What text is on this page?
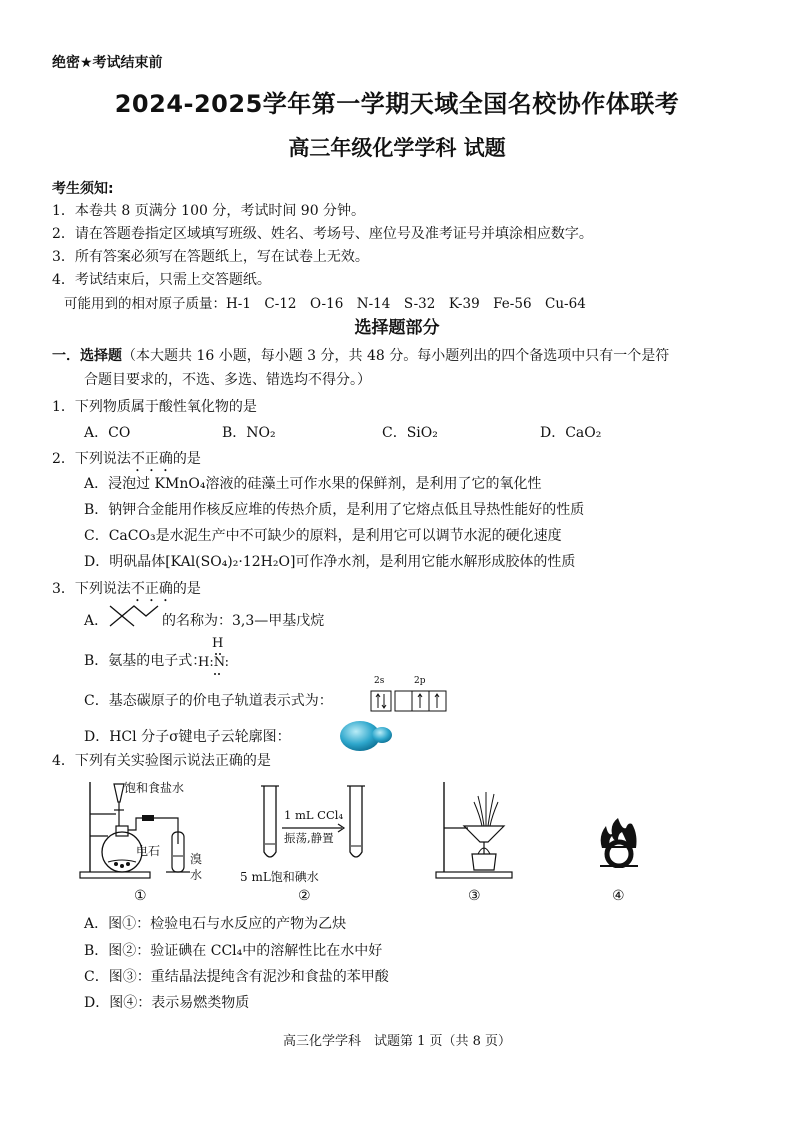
绝密★考试结束前
2024-2025学年第一学期天域全国名校协作体联考
高三年级化学学科 试题
考生须知:
1．本卷共 8 页满分 100 分，考试时间 90 分钟。
2．请在答题卷指定区域填写班级、姓名、考场号、座位号及准考证号并填涂相应数字。
3．所有答案必须写在答题纸上，写在试卷上无效。
4．考试结束后，只需上交答题纸。
可能用到的相对原子质量：H-1　C-12　O-16　N-14　S-32　K-39　Fe-56　Cu-64
选择题部分
一．选择题（本大题共 16 小题，每小题 3 分，共 48 分。每小题列出的四个备选项中只有一个是符
合题目要求的，不选、多选、错选均不得分。）
1．下列物质属于酸性氧化物的是
A．CO	B．NO₂	C．SiO₂	D．CaO₂
2．下列说法不正确的是
A．浸泡过 KMnO₄溶液的硅藻土可作水果的保鲜剂，是利用了它的氧化性
B．钠钾合金能用作核反应堆的传热介质，是利用了它熔点低且导热性能好的性质
C．CaCO₃是水泥生产中不可缺少的原料，是利用它可以调节水泥的硬化速度
D．明矾晶体[KAl(SO₄)₂·12H₂O]可作净水剂，是利用它能水解形成胶体的性质
3．下列说法不正确的是
A．	的名称为：3,3—甲基戊烷
B．氨基的电子式：
H
H:N:
C．基态碳原子的价电子轨道表示式为：
2s	2p
D．HCl 分子σ键电子云轮廓图：
4．下列有关实验图示说法正确的是
饱和食盐水
电石
溴
水
1 mL CCl₄
振荡,静置
5 mL饱和碘水
①	②	③	④
A．图①：检验电石与水反应的产物为乙炔
B．图②：验证碘在 CCl₄中的溶解性比在水中好
C．图③：重结晶法提纯含有泥沙和食盐的苯甲酸
D．图④：表示易燃类物质
高三化学学科　试题第 1 页（共 8 页）
